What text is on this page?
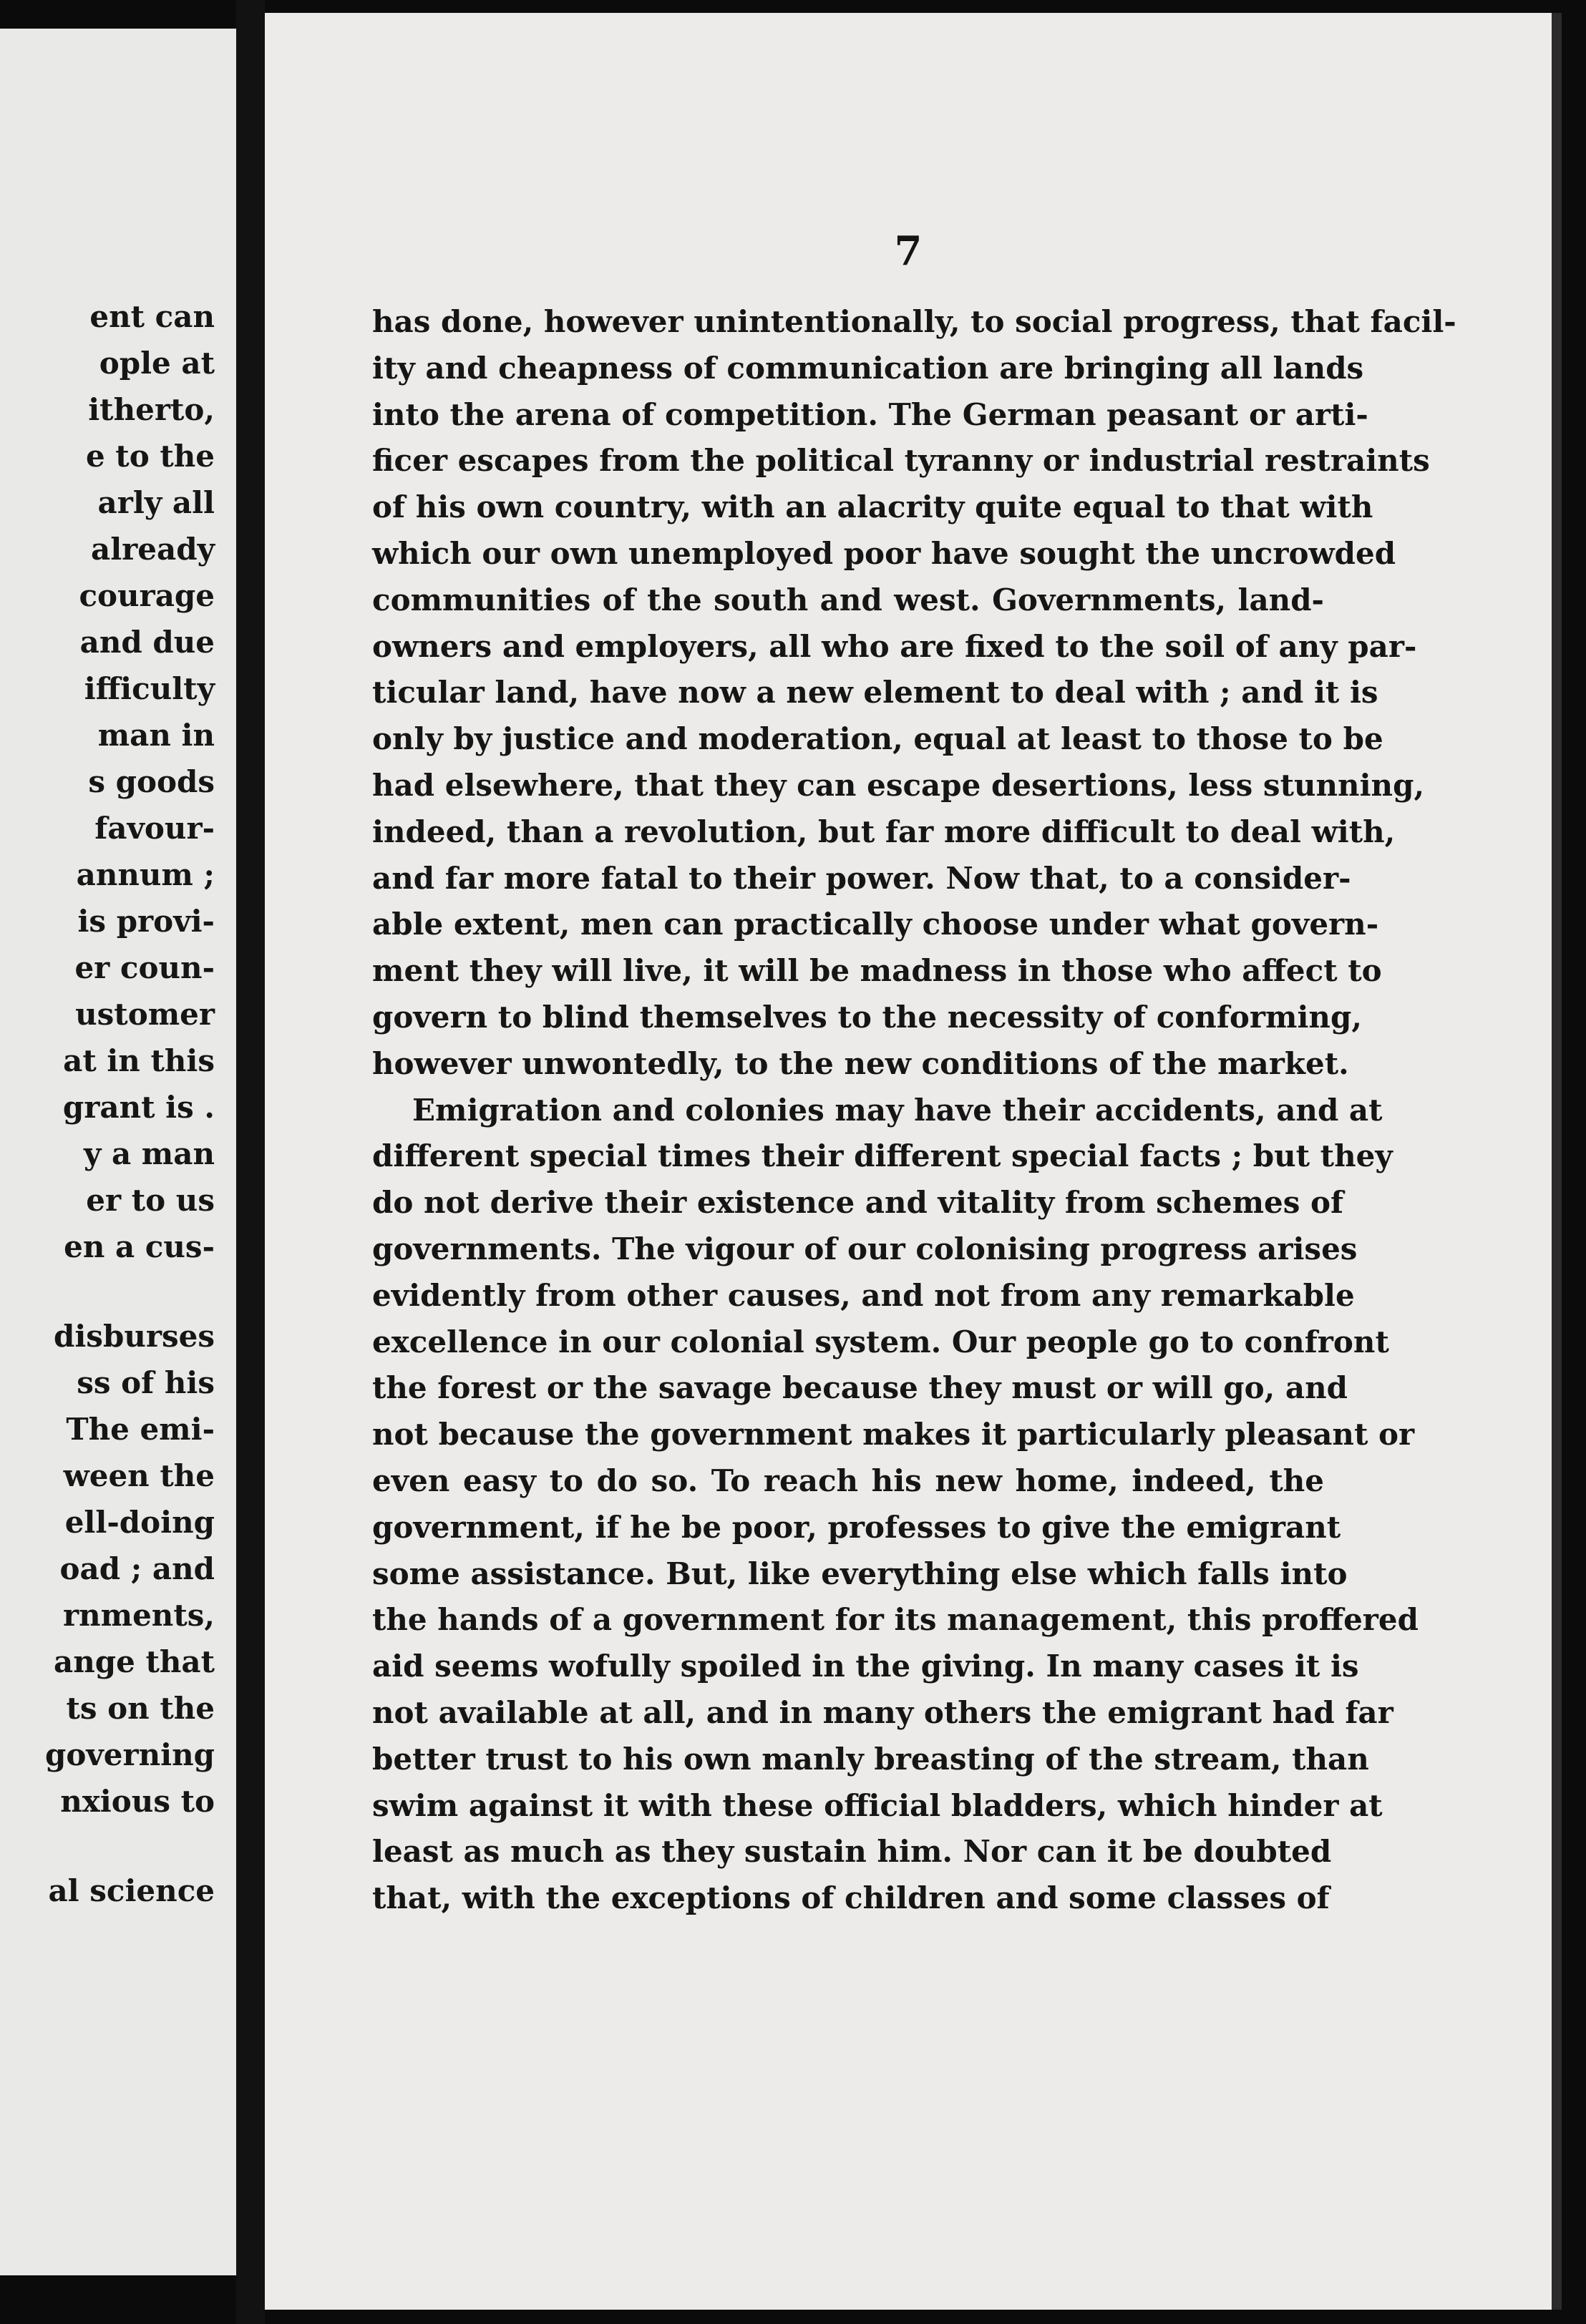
ent can
ople at
itherto,
e to the
arly all
already
courage
and due
ifficulty
man in
s goods
favour-
annum ;
is provi-
er coun-
ustomer
at in this
grant is .
y a man
er to us
en a cus-
disburses
ss of his
The emi-
ween the
ell-doing
oad ; and
rnments,
ange that
ts on the
governing
nxious to
al science
7
has done, however unintentionally, to social progress, that facil-
ity and cheapness of communication are bringing all lands
into the arena of competition. The German peasant or arti-
ficer escapes from the political tyranny or industrial restraints
of his own country, with an alacrity quite equal to that with
which our own unemployed poor have sought the uncrowded
communities of the south and west. Governments, land-
owners and employers, all who are fixed to the soil of any par-
ticular land, have now a new element to deal with ; and it is
only by justice and moderation, equal at least to those to be
had elsewhere, that they can escape desertions, less stunning,
indeed, than a revolution, but far more difficult to deal with,
and far more fatal to their power. Now that, to a consider-
able extent, men can practically choose under what govern-
ment they will live, it will be madness in those who affect to
govern to blind themselves to the necessity of conforming,
however unwontedly, to the new conditions of the market.
Emigration and colonies may have their accidents, and at
different special times their different special facts ; but they
do not derive their existence and vitality from schemes of
governments. The vigour of our colonising progress arises
evidently from other causes, and not from any remarkable
excellence in our colonial system. Our people go to confront
the forest or the savage because they must or will go, and
not because the government makes it particularly pleasant or
even easy to do so. To reach his new home, indeed, the
government, if he be poor, professes to give the emigrant
some assistance. But, like everything else which falls into
the hands of a government for its management, this proffered
aid seems wofully spoiled in the giving. In many cases it is
not available at all, and in many others the emigrant had far
better trust to his own manly breasting of the stream, than
swim against it with these official bladders, which hinder at
least as much as they sustain him. Nor can it be doubted
that, with the exceptions of children and some classes of
